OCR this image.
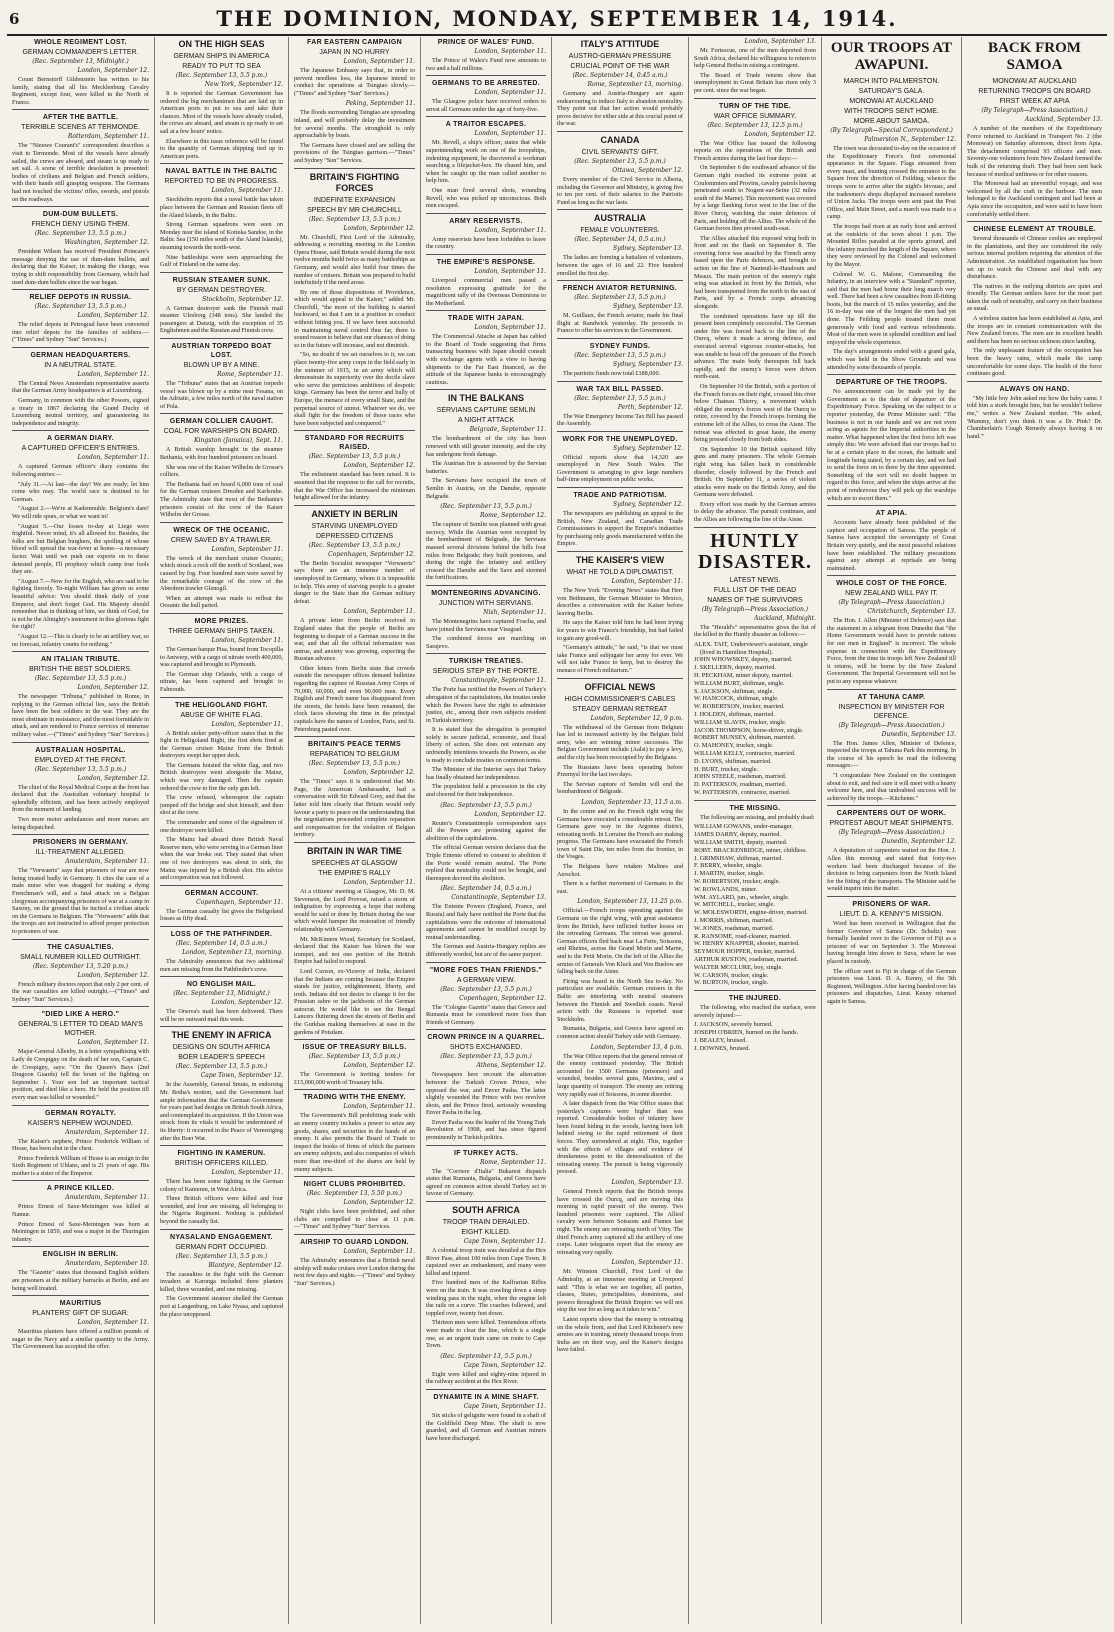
6	THE DOMINION, MONDAY, SEPTEMBER 14, 1914.
WHOLE REGIMENT LOST.
GERMAN COMMANDER'S LETTER.
(Rec. September 13, Midnight.)
London, September 12.

Count Bernstorff Gildenstein has written to his family, stating that all his Mecklenburg Cavalry Regiment, except four, were killed in the North of France.

AFTER THE BATTLE.
TERRIBLE SCENES AT TERMONDE.
Rotterdam, September 11.

The "Nieuwe Courant's" correspondent describes a visit to Termonde. Most of the vessels have already sailed, the crews are aboard, and steam is up ready to set sail. A scene of terrible desolation is presented: bodies of civilians and Belgian and French soldiers, with their hands still grasping weapons. The Germans had not touched the victims' rifles, swords, and pistols on the roadways.

DUM-DUM BULLETS.
FRENCH DENY USING THEM.
(Rec. September 13, 5.5 p.m.)
Washington, September 12.

President Wilson has received President Poincare's message denying the use of dum-dum bullets, and declaring that the Kaiser, in making the charge, was trying to shift responsibility from Germany, which had used dum-dum bullets since the war began.

RELIEF DEPOTS IN RUSSIA.
(Rec. September 13, 5.5 p.m.)
London, September 12.

The relief depots in Petrograd have been converted into relief depots for the families of soldiers.—("Times" and Sydney "Sun" Services.)

GERMAN HEADQUARTERS.
IN A NEUTRAL STATE.
London, September 11.

The Central News Amsterdam representative asserts that the German Army headquarters is at Luxemburg.

Germany, in common with the other Powers, signed a treaty in 1867 declaring the Grand Duchy of Luxemburg neutral territory, and guaranteeing its independence and integrity.

A GERMAN DIARY.
A CAPTURED OFFICER'S ENTRIES.
London, September 11.

A captured German officer's diary contains the following entries:—

"July 31.—At last—the day! We are ready; let him come who may. The world race is destined to be German.

"August 2.—We're at Kadenmuhle. Belgium's dare! We will ride spurs, or what we want in!

"August 5.—Our losses to-day at Liege were frightful. Never mind, it's all allowed for. Besides, the folks are but Belgian burghers, the spoiling of whose blood will spread the war-fever at home—a necessary factor. Wait until we push our exports on to these detested people, I'll prophesy which camp true fools they are.

"August 7.—Now for the English, who are said to be fighting fiercely. To-night William has given us some beautiful advice: You should think daily of your Emperor, and don't forget God. His Majesty should remember that in thinking of him, we think of God, for is not he the Almighty's instrument in this glorious fight for right?

"August 12.—This is clearly to be an artillery war, so no forecast, infantry counts for nothing."

AN ITALIAN TRIBUTE.
BRITISH THE BEST SOLDIERS.
(Rec. September 13, 5.5 p.m.)
London, September 12.

The newspaper "Tribuna," published in Rome, in replying to the German official lies, says the British have been the best soldiers in the war. They are the most obstinate in resistance, and the most formidable in attack, and are rendered to France services of immense military value.—("Times" and Sydney "Sun" Services.)

AUSTRALIAN HOSPITAL.
EMPLOYED AT THE FRONT.
(Rec. September 13, 5.5 p.m.)
London, September 12.

The chief of the Royal Medical Corps at the front has declared that the Australian voluntary hospital is splendidly efficient, and has been actively employed from the moment of landing.

Two more motor ambulances and more nurses are being dispatched.

PRISONERS IN GERMANY.
ILL-TREATMENT ALLEGED.
Amsterdam, September 11.

The "Vorwaerts" says that prisoners of war are now being treated badly in Germany. It cites the case of a male nurse who was dragged for making a dying Frenchman's will, and a fatal attack on a Belgian clergyman accompanying prisoners of war at a camp in Saxony, on the ground that he incited a civilian attack on the Germans in Belgium. The "Vorwaerts" adds that the troops are not instructed to afford proper protection to prisoners of war.

THE CASUALTIES.
SMALL NUMBER KILLED OUTRIGHT.
(Rec. September 13, 5.20 p.m.)
London, September 12.

French military doctors report that only 2 per cent. of the war casualties are killed outright.—("Times" and Sydney "Sun" Services.)

"DIED LIKE A HERO."
GENERAL'S LETTER TO DEAD MAN'S MOTHER.
London, September 11.

Major-General Allenby, in a letter sympathising with Lady de Crespigny on the death of her son, Captain C. de Crespigny, says: "On the Queen's Bays (2nd Dragoon Guards) fell the brunt of the fighting on September 1. Your son led an important tactical position, and died like a hero. He held the position till every man was killed or wounded."

GERMAN ROYALTY.
KAISER'S NEPHEW WOUNDED.
Amsterdam, September 11.

The Kaiser's nephew, Prince Frederick William of Hesse, has been shot in the chest.

Prince Frederick William of Hesse is an ensign in the Sixth Regiment of Uhlans, and is 21 years of age. His mother is a sister of the Emperor.

A PRINCE KILLED.
Amsterdam, September 11.

Prince Ernest of Saxe-Meiningen was killed at Namur.

Prince Ernest of Saxe-Meiningen was born at Meiningen in 1859, and was a major in the Thuringian infantry.

ENGLISH IN BERLIN.
Amsterdam, September 10.

The "Gazette" states that thousand English soldiers are prisoners at the military barracks at Berlin, and are being well treated.

MAURITIUS
PLANTERS' GIFT OF SUGAR.
London, September 11.

Mauritius planters have offered a million pounds of sugar to the Navy and a similar quantity to the Army. The Government has accepted the offer.

ON THE HIGH SEAS
GERMAN SHIPS IN AMERICA
READY TO PUT TO SEA
(Rec. September 13, 5.5 p.m.)
New York, September 12.

It is reported the German Government has ordered the big merchantmen that are laid up in American ports to put to sea and take their chances. Most of the vessels have already coaled, the crews are aboard, and steam is up ready to set sail at a few hours' notice.

Elsewhere in this issue reference will be found to the quantity of German shipping tied up in American ports.

NAVAL BATTLE IN THE BALTIC
REPORTED TO BE IN PROGRESS.
London, September 11.

Stockholm reports that a naval battle has taken place between the German and Russian fleets off the Aland Islands, in the Baltic.

Strong German squadrons were seen on Monday near the island of Kotteka Sandoe, in the Baltic Sea (150 miles south of the Aland Islands), steaming towards the north-west.

Nine battleships were seen approaching the Gulf of Finland on the same day.

RUSSIAN STEAMER SUNK.
BY GERMAN DESTROYER.
Stockholm, September 12.

A German destroyer sank the Finnish mail steamer Ulesborg (348 tons). She landed the passengers at Danzig, with the exception of 35 Englishmen and the Russian and Finnish crew.

AUSTRIAN TORPEDO BOAT LOST.
BLOWN UP BY A MINE.
Rome, September 11.

The "Tribuna" states that an Austrian torpedo vessel was blown up by a mine near Fesana, on the Adriatic, a few miles north of the naval station of Pola.

GERMAN COLLIER CAUGHT.
COAL FOR WARSHIPS ON BOARD.
Kingston (Jamaica), Sept. 11.

A British warship brought in the steamer Bethania, with four hundred prisoners on board.

She was one of the Kaiser Wilhelm de Grosse's colliers.

The Bethania had on board 6,000 tons of coal for the German cruisers Dresden and Karlsruhe. The Admiralty state that most of the Bethania's prisoners consist of the crew of the Kaiser Wilhelm der Grosse.

WRECK OF THE OCEANIC.
CREW SAVED BY A TRAWLER.
London, September 11.

The wreck of the merchant cruiser Oceanic, which struck a rock off the north of Scotland, was caused by fog. Four hundred men were saved by the remarkable courage of the crew of the Aberdeen trawler Glenogil.

When an attempt was made to refloat the Oceanic the hull parted.

MORE PRIZES.
THREE GERMAN SHIPS TAKEN.
London, September 11.

The German barque Pisa, bound from Tocopilla to Antwerp, with a cargo of nitrate worth 400,000, was captured and brought to Plymouth.

The German ship Orlando, with a cargo of nitrate, has been captured and brought to Falmouth.

THE HELIGOLAND FIGHT.
ABUSE OF WHITE FLAG.
London, September 11.

A British stoker petty-officer states that in the fight in Heligoland Bight, the first shots fired at the German cruiser Mainz from the British destroyers swept her upper deck.

The Germans hoisted the white flag, and two British destroyers went alongside the Mainz, which was very damaged. Then the captain ordered the crew to fire the only gun left.

The crew refused, whereupon the captain jumped off the bridge and shot himself, and then shot at the crew.

The commander and some of the signalmen of one destroyer were killed.

The Mainz had aboard three British Naval Reserve men, who were serving in a German liner when the war broke out. They stated that when one of two destroyers was about to sink, the Mainz was injured by a British shot. His advice and cooperation was not followed.

GERMAN ACCOUNT.
Copenhagen, September 11.

The German casualty list gives the Heligoland losses as fifty dead.

LOSS OF THE PATHFINDER.
(Rec. September 14, 0.5 a.m.)
London, September 13, morning.

The Admiralty announces that two additional men are missing from the Pathfinder's crew.

NO ENGLISH MAIL.
(Rec. September 13, Midnight.)
London, September 12.

The Orsova's mail has been delivered. There will be no outward mail this week.

THE ENEMY IN AFRICA
DESIGNS ON SOUTH AFRICA
BOER LEADER'S SPEECH
(Rec. September 13, 5.5 p.m.)
Cape Town, September 12.

In the Assembly, General Smuts, in endorsing Mr. Botha's motion, said the Government had ample information that the German Government for years past had designs on British South Africa, and contemplated its acquisition. If the Union was struck from its vitals it would be undermined of its liberty: it occurred in the Peace of Vereeniging after the Boer War.

FIGHTING IN KAMERUN.
BRITISH OFFICERS KILLED.
London, September 11.

There has been some fighting in the German colony of Kamerun, in West Africa.

Three British officers were killed and four wounded, and four are missing, all belonging to the Nigeria Regiment. Nothing is published beyond the casualty list.

NYASALAND ENGAGEMENT.
GERMAN FORT OCCUPIED.
(Rec. September 13, 5.5 p.m.)
Blantyre, September 12.

The casualties in the fight with the German invaders at Karonga included three planters killed, three wounded, and one missing.

The Government steamer shelled the German port at Langenburg, on Lake Nyasa, and captured the place unopposed.

FAR EASTERN CAMPAIGN
JAPAN IN NO HURRY
London, September 11.

The Japanese Embassy says that, in order to prevent needless loss, the Japanese intend to conduct the operations at Tsingtao slowly.—("Times" and Sydney "Sun" Services.)

Peking, September 11.

The floods surrounding Tsingtao are spreading inland, and will probably delay the investment for several months. The stronghold is only approachable by boats.

The Germans have closed and are selling the provisions of the Tsingtao garrison.—"Times" and Sydney "Sun" Services.

BRITAIN'S FIGHTING FORCES
INDEFINITE EXPANSION
SPEECH BY MR CHURCHILL
(Rec. September 13, 5.5 p.m.)
London, September 12.

Mr. Churchill, First Lord of the Admiralty, addressing a recruiting meeting in the London Opera House, said Britain would during the next twelve months build twice as many battleships as Germany, and would also build four times the number of cruisers. Britain was prepared to build indefinitely if the need arose.

By one of those dispositions of Providence, which would appeal to the Kaiser," added Mr. Churchill, "the more of the building is started backward, so that I am in a position to conduct without hitting you. If we have been successful in maintaining naval control thus far, there is sound reason to believe that our chances of doing so in the future will increase, and not diminish.

"So, no doubt if we set ourselves to it, we can place twenty-five army corps in the field early in the summer of 1915, in an army which will demonstrate its superiority over the docile slave who serve the pernicious ambitions of despotic kings. Germany has been the terror and bully of Europe, the menace of every small State, and the perpetual source of unrest. Whatever we do, we shall fight for the freedom of those races who have been subjected and conquered."

STANDARD FOR RECRUITS RAISED.
(Rec. September 13, 5.5 p.m.)
London, September 12.

The enlistment standard has been raised. It is assumed that the response to the call for recruits, that the War Office has increased the minimum height allowed for the infantry.

ANXIETY IN BERLIN
STARVING UNEMPLOYED
DEPRESSED CITIZENS
(Rec. September 13, 5.5 p.m.)
Copenhagen, September 12.

The Berlin Socialist newspaper "Vorwaerts" says there are an immense number of unemployed in Germany, whom it is impossible to help. This army of starving people is a greater danger to the State than the German military defeat.

London, September 11.

A private letter from Berlin received in England states that the people of Berlin are beginning to despair of a German success in the war, and that all the official information was untrue, and anxiety was growing, expecting the Russian advance.

Other letters from Berlin state that crowds outside the newspaper offices demand bulletins regarding the capture of Russian Army Corps of 70,000, 60,000, and even 90,000 men. Every English and French name has disappeared from the streets, the hotels have been renamed, the clock faces showing the time in the principal capitals have the names of London, Paris, and St. Petersburg pasted over.

BRITAIN'S PEACE TERMS
REPARATION TO BELGIUM
(Rec. September 13, 5.5 p.m.)
London, September 12.

The "Times" says it is understood that Mr. Page, the American Ambassador, had a conversation with Sir Edward Grey, and that the latter told him clearly that Britain would only favour a party to peace on the understanding that the negotiations proceeded complete reparation and compensation for the violation of Belgian territory.

BRITAIN IN WAR TIME
SPEECHES AT GLASGOW
THE EMPIRE'S RALLY
London, September 11.

At a citizens' meeting at Glasgow, Mr. D. M. Stevenson, the Lord Provost, raised a storm of indignation by expressing a hope that nothing would be said or done by Britain during the war which would hamper the restoration of friendly relationship with Germany.

Mr. McKinnon Wood, Secretary for Scotland, declared that the Kaiser has blown the war trumpet, and not one portion of the British Empire had failed to respond.

Lord Curzon, ex-Viceroy of India, declared that the Indians are coming because the Empire stands for justice, enlightenment, liberty, and truth. Indians did not desire to change it for the Prussian sabre or the jackboots of the German autocrat. He would like to see the Bengal Lancers fluttering down the streets of Berlin and the Gurkhas making themselves at ease in the gardens of Potsdam.

ISSUE OF TREASURY BILLS.
(Rec. September 13, 5.5 p.m.)
London, September 12.

The Government is inviting tenders for £15,000,000 worth of Treasury bills.

TRADING WITH THE ENEMY.
London, September 11.

The Government's Bill prohibiting trade with an enemy country includes a power to seize any goods, shares, and securities in the hands of an enemy. It also permits the Board of Trade to inspect the books of firms of which the partners are enemy subjects, and also companies of which more than one-third of the shares are held by enemy subjects.

NIGHT CLUBS PROHIBITED.
(Rec. September 13, 5.50 p.m.)
London, September 12.

Night clubs have been prohibited, and other clubs are compelled to close at 11 p.m.—"Times" and Sydney "Sun" Services.

AIRSHIP TO GUARD LONDON.
London, September 11.

The Admiralty announces that a British naval airship will make cruises over London during the next few days and nights.—("Times" and Sydney "Sun" Services.)

PRINCE OF WALES' FUND.
London, September 11.

The Prince of Wales's Fund now amounts to two and a half millions.

GERMANS TO BE ARRESTED.
London, September 11.

The Glasgow police have received orders to arrest all Germans under the age of forty-five.

A TRAITOR ESCAPES.
London, September 11.

Mr. Revell, a ship's officer, states that while superintending work on one of the troopships, indenting equipment, he discovered a workman searching a lifejacket-box. He chased him, and when he caught up the man called another to help him.

One man fired several shots, wounding Revell, who was picked up unconscious. Both men escaped.

ARMY RESERVISTS.
London, September 11.

Army reservists have been forbidden to leave the country.

THE EMPIRE'S RESPONSE.
London, September 11.

Liverpool commercial men passed a resolution expressing gratitude for the magnificent rally of the Overseas Dominions to the Motherland.

TRADE WITH JAPAN.
London, September 11.

The Commercial Attache at Japan has cabled to the Board of Trade suggesting that firms transacting business with Japan should consult with exchange agents with a view to having shipments to the Far East financed, as the attitude of the Japanese banks is encouragingly cautious.

IN THE BALKANS
SERVIANS CAPTURE SEMLIN
A NIGHT ATTACK
Belgrade, September 11.

The bombardment of the city has been renewed with still greater intensity, and the city has undergone fresh damage.

The Austrian fire is answered by the Servian batteries.

The Servians have occupied the town of Semlin in Austria, on the Danube, opposite Belgrade.

(Rec. September 13, 5.5 p.m.)
Rome, September 12.

The capture of Semlin was planned with great secrecy. While the Austrian were occupied by the bombardment of Belgrade, the Servians massed several divisions behind the hills four miles from Belgrade; they built pontoons, and during the night the infantry and artillery crossed the Danube and the Save and stormed the fortifications.

MONTENEGRINS ADVANCING.
JUNCTION WITH SERVIANS.
Nish, September 11.

The Montenegrins have captured Foscha, and have joined the Servians near Visegrad.

The combined forces are marching on Sarajevo.

TURKISH TREATIES.
SERIOUS STEP BY THE PORTE.
Constantinople, September 11.

The Porte has notified the Powers of Turkey's abrogation of the capitulations, the treaties under which the Powers have the right to administer justice, etc., among their own subjects resident in Turkish territory.

It is stated that the abrogation is prompted solely to secure judicial, economic, and fiscal liberty of action. She does not entertain any unfriendly intentions towards the Powers, as she is ready to conclude treaties on common terms.

The Minister of the Interior says that Turkey has finally obtained her independence.

The population held a procession in the city and cheered for their independence.

(Rec. September 13, 5.5 p.m.)
London, September 12.

Reuter's Constantinople correspondent says all the Powers are protesting against the abolition of the capitulations.

The official German version declares that the Triple Entente offered to consent to abolition if the Porte would remain neutral. The Porte replied that neutrality could not be bought, and thereupon decreed the abolition.

(Rec. September 14, 0.5 a.m.)
Constantinople, September 13.

The Entente Powers (England, France, and Russia) and Italy have notified the Porte that the capitulations were the outcome of international agreements and cannot be modified except by mutual understanding.

The German and Austria-Hungary replies are differently worded, but are of the same purport.

"MORE FOES THAN FRIENDS."
A GERMAN VIEW.
(Rec. September 13, 5.5 p.m.)
Copenhagen, September 12.

The "Cologne Gazette" states that Greece and Rumania must be considered more foes than friends of Germany.

CROWN PRINCE IN A QUARREL.
SHOTS EXCHANGED.
(Rec. September 13, 5.5 p.m.)
Athens, September 12.

Newspapers here recount the altercation between the Turkish Crown Prince, who opposed the war, and Enver Pasha. The latter slightly wounded the Prince with two revolver shots, and the Prince fired, seriously wounding Enver Pasha in the leg.

Enver Pasha was the leader of the Young Turk Revolution of 1908, and has since figured prominently in Turkish politics.

IF TURKEY ACTS.
Rome, September 11.

The "Corriere d'Italia" Bukarest dispatch states that Rumania, Bulgaria, and Greece have agreed on common action should Turkey act in favour of Germany.

SOUTH AFRICA
TROOP TRAIN DERAILED.
EIGHT KILLED.
Cape Town, September 11.

A colonial troop train was derailed at the Hex River Pass, about 100 miles from Cape Town. It capsized over an embankment, and many were killed and injured.

Five hundred men of the Kaffrarian Rifles were on the train. It was crawling down a steep winding pass in the night, when the engine left the rails on a curve. The coaches followed, and toppled over, twenty feet down.

Thirteen men were killed. Tremendous efforts were made to clear the line, which is a single one, as an urgent train came on route to Cape Town.

(Rec. September 13, 5.5 p.m.)
Cape Town, September 12.

Eight were killed and eighty-nine injured in the railway accident at the Hex River.

DYNAMITE IN A MINE SHAFT.
Cape Town, September 11.

Six sticks of gelignite were found in a shaft of the Goldfield Deep Mine. The shaft is now guarded, and all German and Austrian miners have been discharged.

ITALY'S ATTITUDE
AUSTRO-GERMAN PRESSURE
CRUCIAL POINT OF THE WAR
(Rec. September 14, 0.45 a.m.)
Rome, September 13, morning.

Germany and Austria-Hungary are again endeavouring to induce Italy to abandon neutrality. They point out that her action would probably prove decisive for either side at this crucial point of the war.

CANADA
CIVIL SERVANTS' GIFT.
(Rec. September 13, 5.5 p.m.)
Ottawa, September 12.

Every member of the Civil Service in Alberta, including the Governor and Ministry, is giving five to ten per cent. of their salaries to the Patriotic Fund as long as the war lasts.

AUSTRALIA
FEMALE VOLUNTEERS.
(Rec. September 14, 0.5 a.m.)
Sydney, September 13.

The ladies are forming a battalion of volunteers, between the ages of 16 and 22. Five hundred enrolled the first day.

FRENCH AVIATOR RETURNING.
(Rec. September 13, 5.5 p.m.)
Sydney, September 13.

M. Guillaux, the French aviator, made his final flight at Randwick yesterday. He proceeds to France to offer his services to the Government.

SYDNEY FUNDS.
(Rec. September 13, 5.5 p.m.)
Sydney, September 13.

The patriotic funds now total £188,000.

WAR TAX BILL PASSED.
(Rec. September 13, 5.5 p.m.)
Perth, September 12.

The War Emergency Income Tax Bill has passed the Assembly.

WORK FOR THE UNEMPLOYED.
Sydney, September 12.

Official reports show that 14,320 are unemployed in New South Wales. The Government is arranging to give large numbers half-time employment on public works.

TRADE AND PATRIOTISM.
Sydney, September 12.

The newspapers are publishing an appeal to the British, New Zealand, and Canadian Trade Commissioners to support the Empire's industries by purchasing only goods manufactured within the Empire.

THE KAISER'S VIEW
WHAT HE TOLD A DIPLOMATIST.
London, September 11.

The New York "Evening News" states that Herr von Bethmann, the German Minister to Mexico, describes a conversation with the Kaiser before leaving Berlin.

He says the Kaiser told him he had been trying for years to win France's friendship, but had failed to gain any good-will.

"Germany's attitude," he said, "is that we must take France and subjugate her army for ever. We will not take France to keep, but to destroy the menace of French militarism."

OFFICIAL NEWS
HIGH COMMISSIONER'S CABLES
STEADY GERMAN RETREAT
London, September 12, 9 p.m.

The withdrawal of the German from Belgium has led to increased activity by the Belgian field army, who are winning minor successes. The Belgian Government include (Aalst) to pay a levy, and the city has been reoccupied by the Belgians.

The Russians have been operating before Przemysl for the last two days.

The Servian capture of Semlin will end the bombardment of Belgrade.

London, September 13, 11.5 a.m.

In the centre and on the French right wing the Germans have executed a considerable retreat. The Germans gave way in the Argonne district, retreating north. In Lorraine the French are making progress. The Germans have evacuated the French town of Saint Die, ten miles from the frontier, in the Vosges.

The Belgians have retaken Malines and Aerschot.

There is a further movement of Germans to the east.

London, September 13, 11.25 p.m.

Official.—French troops operating against the Germans on the right wing, with great assistance from the British, have inflicted further losses on the retreating Germans. The retreat was general. German officers fled back near La Ferte, Soissons, and Rheims, across the Grand Morin and Marne, and to the Petit Morin. On the left of the Allies the armies of Generals Von Kluck and Von Buelow are falling back on the Aisne.

Firing was heard in the North Sea to-day. No particulars are available. German cruisers in the Baltic are interfering with neutral steamers between the Finnish and Swedish coasts. Naval action with the Russians is reported near Stockholm.

Rumania, Bulgaria, and Greece have agreed on common action should Turkey side with Germany.

London, September 13, 4 p.m.

The War Office reports that the general retreat of the enemy continued yesterday. The British accounted for 1500 Germans (prisoners) and wounded, besides several guns, Maxims, and a large quantity of transport. The enemy are retiring very rapidly east of Soissons, in some disorder.

A later dispatch from the War Office states that yesterday's captures were higher than was reported. Considerable bodies of infantry have been found hiding in the woods, having been left behind owing to the rapid retirement of their forces. They surrendered at night. This, together with the effects of villages and evidence of drunkenness point to the demoralisation of the retreating enemy. The pursuit is being vigorously pressed.

London, September 13.

General French reports that the British troops have crossed the Ourcq, and are moving this morning in rapid pursuit of the enemy. Two hundred prisoners were captured. The Allied cavalry were between Soissons and Fismes last night. The enemy are retreating north of Vitry. The third French army captured all the artillery of one corps. Later telegrams report that the enemy are retreating very rapidly.

London, September 11.

Mr. Winston Churchill, First Lord of the Admiralty, at an immense meeting at Liverpool said: "This is what we are together, all parties, classes, States, principalities, dominions, and powers throughout the British Empire: we will not stop the war for as long as it takes to win."

Latest reports show that the enemy is retreating on the whole front, and that Lord Kitchener's new armies are in training, ninety thousand troops from India are on their way, and the Kaiser's designs have failed.

London, September 13.

Mr. Fortescue, one of the men deported from South Africa, declared his willingness to return to help General Botha in raising a contingent.

The Board of Trade returns show that unemployment in Great Britain has risen only 3 per cent. since the war began.

TURN OF THE TIDE.
WAR OFFICE SUMMARY.
(Rec. September 13, 12.5 p.m.)
London, September 12.

The War Office has issued the following reports on the operations of the British and French armies during the last four days:—

On September 6 the southward advance of the German right reached its extreme point at Coulommiers and Provins, cavalry patrols having penetrated south to Nogent-sur-Seine (32 miles south of the Marne). This movement was covered by a large flanking force west to the line of the River Ourcq, watching the outer defences of Paris, and holding off the Allies. The whole of the German forces then pivoted south-east.

The Allies attacked this exposed wing both in front and on the flank on September 8. The covering force was assailed by the French army based upon the Paris defences, and brought to action on the line of Nanteuil-le-Haudouin and Meaux. The main portion of the enemy's right wing was attacked in front by the British, who had been transported from the north to the east of Paris, and by a French corps advancing alongside.

The combined operations have up till the present been completely successful. The German under fire was forced back to the line of the Ourcq, where it made a strong defence, and executed several vigorous counter-attacks, but was unable to beat off the pressure of the French advance. The main body thereupon fell back rapidly, and the enemy's forces were driven north-east.

On September 10 the British, with a portion of the French forces on their right, crossed this river below Chateau Thierry, a movement which obliged the enemy's forces west of the Ourcq to retire, covered by the French troops forming the extreme left of the Allies, to cross the Aisne. The retreat was effected in great haste, the enemy being pressed closely from both sides.

On September 10 the British captured fifty guns and many prisoners. The whole German right wing has fallen back in considerable disorder, closely followed by the French and British. On September 11, a series of violent attacks were made on the British Army, and the Germans were defeated.

Every effort was made by the German armies to delay the advance. The pursuit continues, and the Allies are following the line of the Aisne.

HUNTLY DISASTER.
LATEST NEWS.
FULL LIST OF THE DEAD
NAMES OF THE SURVIVORS
(By Telegraph—Press Association.)
Auckland, Midnight.

The "Herald's" representative gives the list of the killed in the Huntly disaster as follows:—

ALEX. TAIT, Underviewer's assistant, single (lived in Hamilton Hospital).
JOHN WHOWSKEY, deputy, married.
J. SKELLERN, deputy, married.
H. PECKHAM, miner deputy, married.
WILLIAM BURT, shiftman, single.
S. JACKSON, shiftman, single.
W. HANCOCK, shiftman, single.
W. ROBERTSON, trucker, married.
J. HOLDEN, shiftman, married.
WILLIAM SLAVIN, trucker, single.
JACOB THOMPSON, horse-driver, single.
ROBERT MUNSEY, shiftman, married.
O. MAHONEY, trucker, single.
WILLIAM KELLY, contractor, married.
D. LYONS, shiftman, married.
H. BURT, trucker, single.
JOHN STEELE, roadsman, married.
D. PATTERSON, roadman, married.
W. PATTERSON, contractor, married.
THE MISSING.

The following are missing, and probably dead:

WILLIAM GOWANS, under-manager.
JAMES DARBY, deputy, married.
WILLIAM SMITH, deputy, married.
ROBT. BRACKENRIDGE, miner, childless.
J. GRIMSHAW, shiftman, married.
F. BERRY, wheeler, single.
J. MARTIN, trucker, single.
W. ROBERTSON, trucker, single.
W. ROWLANDS, miner.
WM. AYLARD, jun., wheeler, single.
W. MITCHELL, trucker, single.
W. MOLESWORTH, engine-driver, married.
J. MORRIS, shiftman, married.
W. JONES, roadsman, married.
R. RANSOME, road-cleaner, married.
W. HENRY KNAPPER, shooter, married.
SEYMOUR HOPPER, trucker, married.
ARTHUR RUSTON, roadsman, married.
WALTER MCCLURE, boy, single.
W. CARSON, trucker, single.
W. BURTON, trucker, single.
THE INJURED.

The following, who reached the surface, were severely injured:—

J. JACKSON, severely burned.
JOSEPH O'BRIEN, burned on the hands.
J. BEALEY, bruised.
J. DOWNES, bruised.
OUR TROOPS AT AWAPUNI.
MARCH INTO PALMERSTON.
SATURDAY'S GALA.
MONOWAI AT AUCKLAND
WITH TROOPS SENT HOME.
MORE ABOUT SAMOA.
(By Telegraph—Special Correspondent.)
Palmerston N., September 12.

The town was decorated to-day on the occasion of the Expeditionary Force's first ceremonial appearance in the Square. Flags streamed from every mast, and bunting crossed the entrance to the Square from the direction of Feilding, whence the troops were to arrive after the night's bivouac, and the tradesmen's shops displayed increased numbers of Union Jacks. The troops were sent past the Post Office, and Main Street, and a march was made to a camp.

The troops had risen at an early hour and arrived at the outskirts of the town about 1 p.m. The Mounted Rifles paraded at the sports ground, and the infantry marched the length of the Square, where they were reviewed by the Colonel and welcomed by the Mayor.

Colonel W. G. Malone, Commanding the Infantry, in an interview with a "Standard" reporter, said that the men had borne their long march very well. There had been a few casualties from ill-fitting boots, but the march of 15 miles yesterday, and the 16 to-day was one of the longest the men had yet done. The Feilding people treated them most generously with food and various refreshments. Most of the men were in splendid condition and had enjoyed the whole experience.

The day's arrangements ended with a grand gala, which was held in the Show Grounds and was attended by some thousands of people.

DEPARTURE OF THE TROOPS.

No announcement can be made yet by the Government as to the date of departure of the Expeditionary Force. Speaking on the subject to a reporter yesterday, the Prime Minister said: "The business is not in our hands and we are not even acting as agents for the Imperial authorities in the matter. What happened when the first force left was simply this: We were advised that our troops had to be at a certain place in the ocean, the latitude and longitude being stated, by a certain day, and we had to send the force on to there by the time appointed. Something of the sort will no doubt happen in regard to this force, and when the ships arrive at the point of rendezvous they will pick up the warships which are to escort them."

AT APIA.

Accounts have already been published of the capture and occupation of Samoa. The people of Samoa have accepted the sovereignty of Great Britain very quietly, and the most peaceful relations have been established. The military precautions against any attempt at reprisals are being maintained.

WHOLE COST OF THE FORCE.
NEW ZEALAND WILL PAY IT.
(By Telegraph—Press Association.)
Christchurch, September 13.

The Hon. J. Allen (Minister of Defence) says that the statement in a telegram from Dunedin that "the Home Government would have to provide rations for our men in England" is incorrect. The whole expense in connection with the Expeditionary Force, from the time its troops left New Zealand till it returns, will be borne by the New Zealand Government. The Imperial Government will not be put to any expense whatever.

AT TAHUNA CAMP.
INSPECTION BY MINISTER FOR DEFENCE.
(By Telegraph—Press Association.)
Dunedin, September 13.

The Hon. James Allen, Minister of Defence, inspected the troops at Tahuna Park this morning. In the course of his speech he read the following messages:—

"I congratulate New Zealand on the contingent about to exit, and feel sure it will meet with a hearty welcome here, and that undoubted success will be achieved by the troops.—Kitchener."

CARPENTERS OUT OF WORK.
PROTEST ABOUT MEAT SHIPMENTS.
(By Telegraph—Press Association.)
Dunedin, September 12.

A deputation of carpenters waited on the Hon. J. Allen this morning and stated that forty-two workers had been discharged because of the decision to bring carpenters from the North Island for the fitting of the transports. The Minister said he would inquire into the matter.

PRISONERS OF WAR.
LIEUT. D. A. KENNY'S MISSION.

Word has been received in Wellington that the former Governor of Samoa (Dr. Schultz) was formally handed over to the Governor of Fiji as a prisoner of war on September 3. The Monowai having brought him down to Suva, where he was placed in custody.

The officer sent to Fiji in charge of the German prisoners was Lieut. D. A. Kenny, of the 5th Regiment, Wellington. After having handed over his prisoners and dispatches, Lieut. Kenny returned again to Samoa.

BACK FROM SAMOA
MONOWAI AT AUCKLAND
RETURNING TROOPS ON BOARD
FIRST WEEK AT APIA
(By Telegraph—Press Association.)
Auckland, September 13.

A number of the members of the Expeditionary Force returned to Auckland in Transport No. 2 (the Monowai) on Saturday afternoon, direct from Apia. The detachment comprised 93 officers and men. Seventy-one volunteers from New Zealand formed the bulk of the returning draft. They had been sent back because of medical unfitness or for other reasons.

The Monowai had an uneventful voyage, and was welcomed by all the craft in the harbour. The men belonged to the Auckland contingent and had been at Apia since the occupation, and were said to have been comfortably settled there.

CHINESE ELEMENT AT TROUBLE.

Several thousands of Chinese coolies are employed in the plantations, and they are considered the only serious internal problem requiring the attention of the Administration. An established organisation has been set up to watch the Chinese and deal with any disturbance.

The natives in the outlying districts are quiet and friendly. The German settlers have for the most part taken the oath of neutrality, and carry on their business as usual.

A wireless station has been established at Apia, and the troops are in constant communication with the New Zealand forces. The men are in excellent health and there has been no serious sickness since landing.

The only unpleasant feature of the occupation has been the heavy rains, which made the camp uncomfortable for some days. The health of the force continues good.

ALWAYS ON HAND.

"My little boy John asked me how the baby came. I told him a stork brought him, but he wouldn't believe me," writes a New Zealand mother. "He asked, 'Mummy, don't you think it was a Dr. Pink? Dr. Chamberlain's Cough Remedy always having it on hand.'"
